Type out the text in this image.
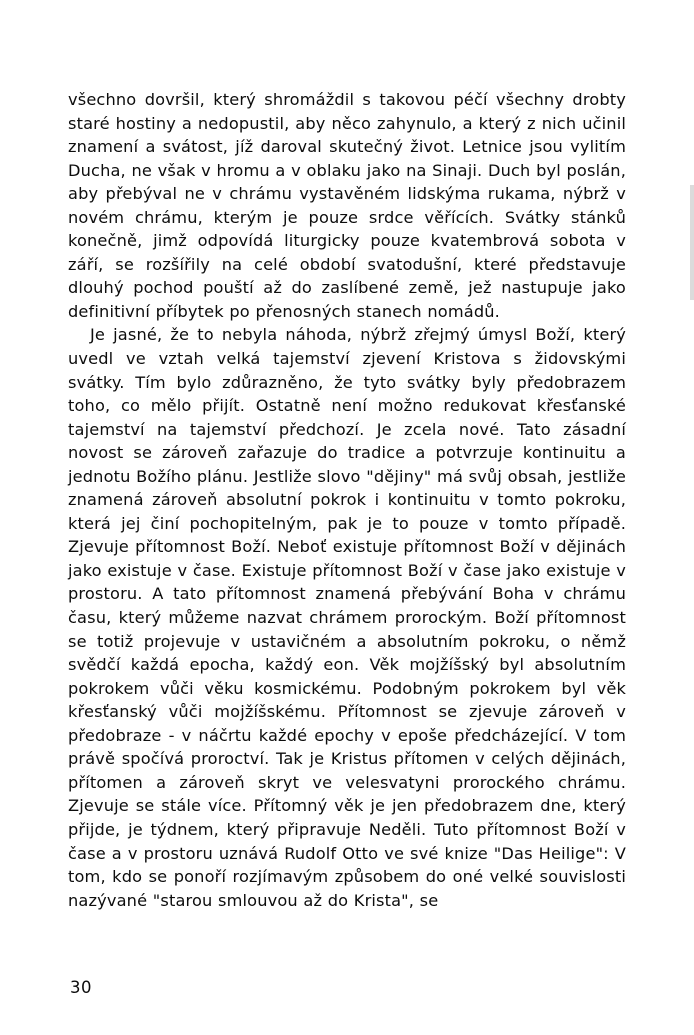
všechno dovršil, který shromáždil s takovou péčí všechny drobty staré hostiny a nedopustil, aby něco zahynulo, a který z nich učinil znamení a svátost, jíž daroval skutečný život. Letnice jsou vylitím Ducha, ne však v hromu a v oblaku jako na Sinaji. Duch byl poslán, aby přebýval ne v chrámu vystavěném lidskýma rukama, nýbrž v novém chrámu, kterým je pouze srdce věřících. Svátky stánků konečně, jimž odpovídá liturgicky pouze kvatembrová sobota v září, se rozšířily na celé období svatodušní, které představuje dlouhý pochod pouští až do zaslíbené země, jež nastupuje jako definitivní příbytek po přenosných stanech nomádů.

Je jasné, že to nebyla náhoda, nýbrž zřejmý úmysl Boží, který uvedl ve vztah velká tajemství zjevení Kristova s židovskými svátky. Tím bylo zdůrazněno, že tyto svátky byly předobrazem toho, co mělo přijít. Ostatně není možno redukovat křesťanské tajemství na tajemství předchozí. Je zcela nové. Tato zásadní novost se zároveň zařazuje do tradice a potvrzuje kontinuitu a jednotu Božího plánu. Jestliže slovo "dějiny" má svůj obsah, jestliže znamená zároveň absolutní pokrok i kontinuitu v tomto pokroku, která jej činí pochopitelným, pak je to pouze v tomto případě. Zjevuje přítomnost Boží. Neboť existuje přítomnost Boží v dějinách jako existuje v čase. Existuje přítomnost Boží v čase jako existuje v prostoru. A tato přítomnost znamená přebývání Boha v chrámu času, který můžeme nazvat chrámem prorockým. Boží přítomnost se totiž projevuje v ustavičném a absolutním pokroku, o němž svědčí každá epocha, každý eon. Věk mojžíšský byl absolutním pokrokem vůči věku kosmickému. Podobným pokrokem byl věk křesťanský vůči mojžíšskému. Přítomnost se zjevuje zároveň v předobraze - v náčrtu každé epochy v epoše předcházející. V tom právě spočívá proroctví. Tak je Kristus přítomen v celých dějinách, přítomen a zároveň skryt ve velesvatyni prorockého chrámu. Zjevuje se stále více. Přítomný věk je jen předobrazem dne, který přijde, je týdnem, který připravuje Neděli. Tuto přítomnost Boží v čase a v prostoru uznává Rudolf Otto ve své knize "Das Heilige": V tom, kdo se ponoří rozjímavým způsobem do oné velké souvislosti nazývané "starou smlouvou až do Krista", se

30
